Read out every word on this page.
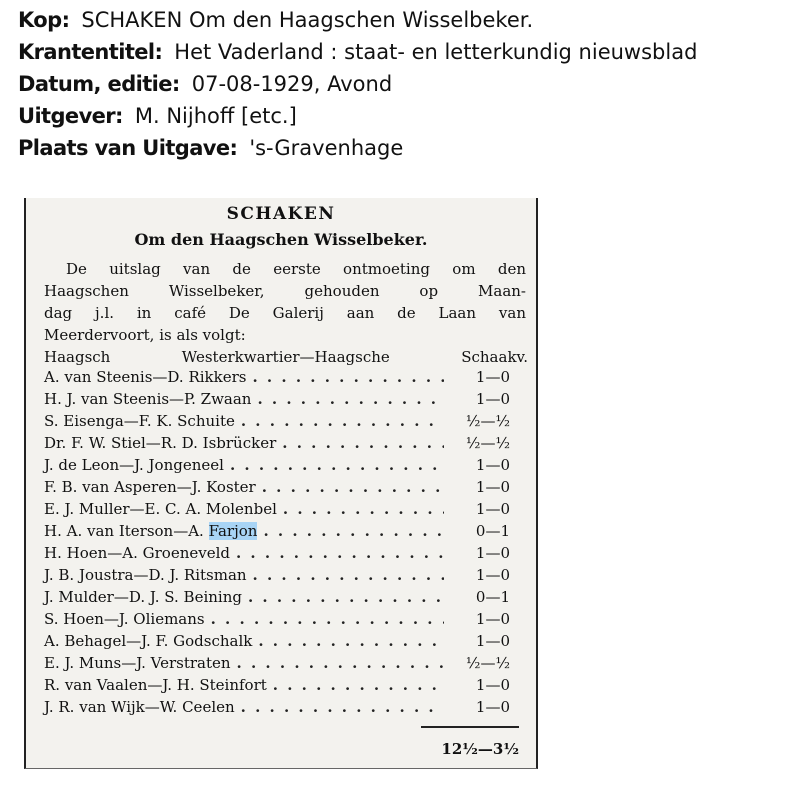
Kop: SCHAKEN Om den Haagschen Wisselbeker.
Krantentitel: Het Vaderland : staat- en letterkundig nieuwsblad
Datum, editie: 07-08-1929, Avond
Uitgever: M. Nijhoff [etc.]
Plaats van Uitgave: 's-Gravenhage
SCHAKEN
Om den Haagschen Wisselbeker.
De uitslag van de eerste ontmoeting om den
Haagschen Wisselbeker, gehouden op Maan-
dag j.l. in café De Galerij aan de Laan van
Meerdervoort, is als volgt:
Haagsch Westerkwartier—Haagsche Schaakv.
A. van Steenis—D. Rikkers . . .	1—0
H. J. van Steenis—P. Zwaan . . .	1—0
S. Eisenga—F. K. Schuite . . .	½—½
Dr. F. W. Stiel—R. D. Isbrücker . . .	½—½
J. de Leon—J. Jongeneel . . .	1—0
F. B. van Asperen—J. Koster . . .	1—0
E. J. Muller—E. C. A. Molenbel . . .	1—0
H. A. van Iterson—A. Farjon . . .	0—1
H. Hoen—A. Groeneveld . . .	1—0
J. B. Joustra—D. J. Ritsman . . .	1—0
J. Mulder—D. J. S. Beining . . .	0—1
S. Hoen—J. Oliemans . . .	1—0
A. Behagel—J. F. Godschalk . . .	1—0
E. J. Muns—J. Verstraten . . .	½—½
R. van Vaalen—J. H. Steinfort . . .	1—0
J. R. van Wijk—W. Ceelen . . .	1—0
12½—3½
